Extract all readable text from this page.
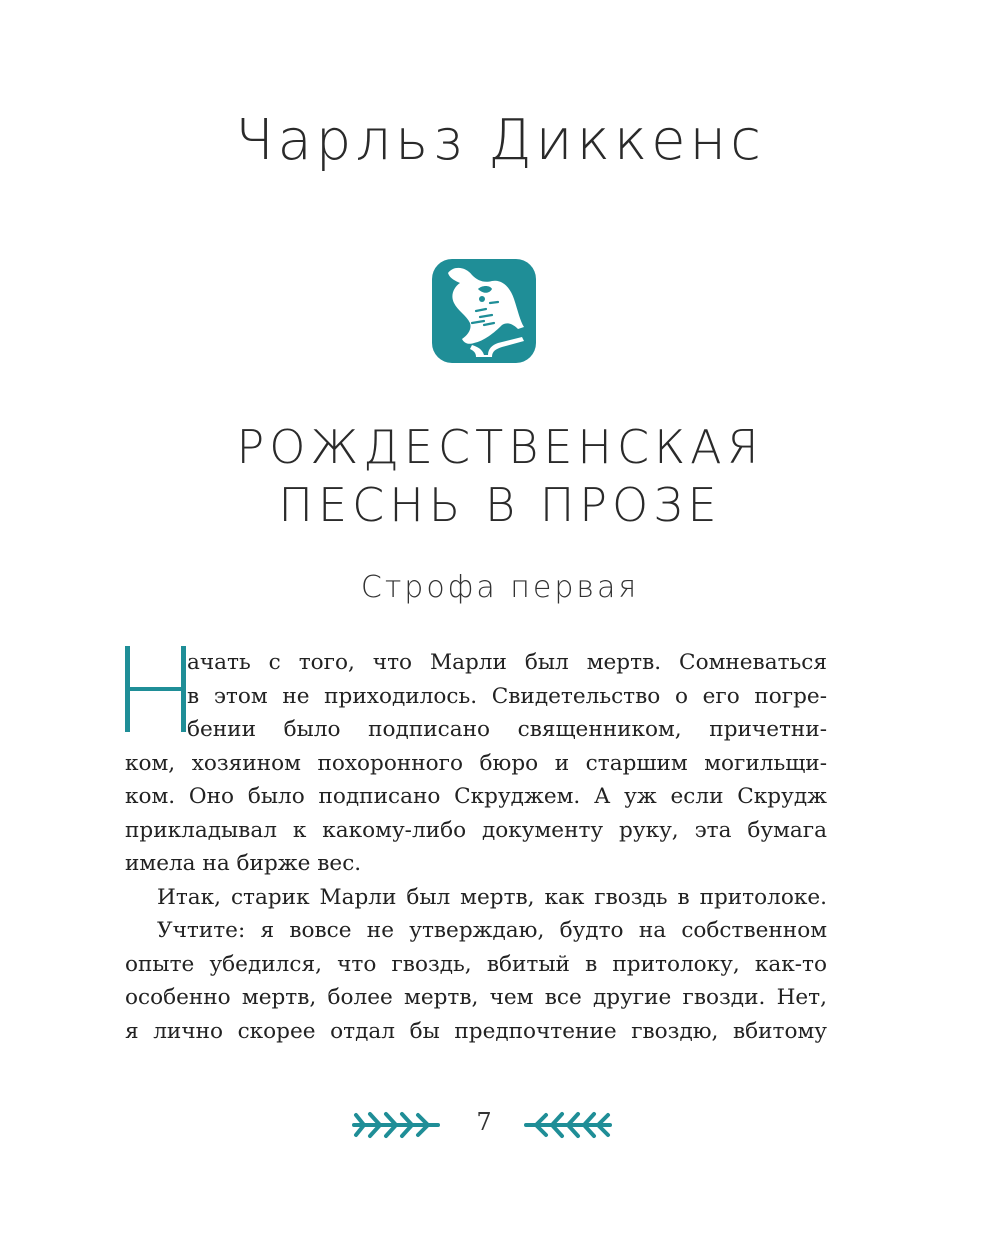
Чарльз Диккенс
РОЖДЕСТВЕНСКАЯ
ПЕСНЬ В ПРОЗЕ
Строфа первая
ачать с того, что Марли был мертв. Сомневаться
в этом не приходилось. Свидетельство о его погре-
бении было подписано священником, причетни-
ком, хозяином похоронного бюро и старшим могильщи-
ком. Оно было подписано Скруджем. А уж если Скрудж
прикладывал к какому-либо документу руку, эта бумага
имела на бирже вес.
Итак, старик Марли был мертв, как гвоздь в притолоке.
Учтите: я вовсе не утверждаю, будто на собственном
опыте убедился, что гвоздь, вбитый в притолоку, как-то
особенно мертв, более мертв, чем все другие гвозди. Нет,
я лично скорее отдал бы предпочтение гвоздю, вбитому
7
